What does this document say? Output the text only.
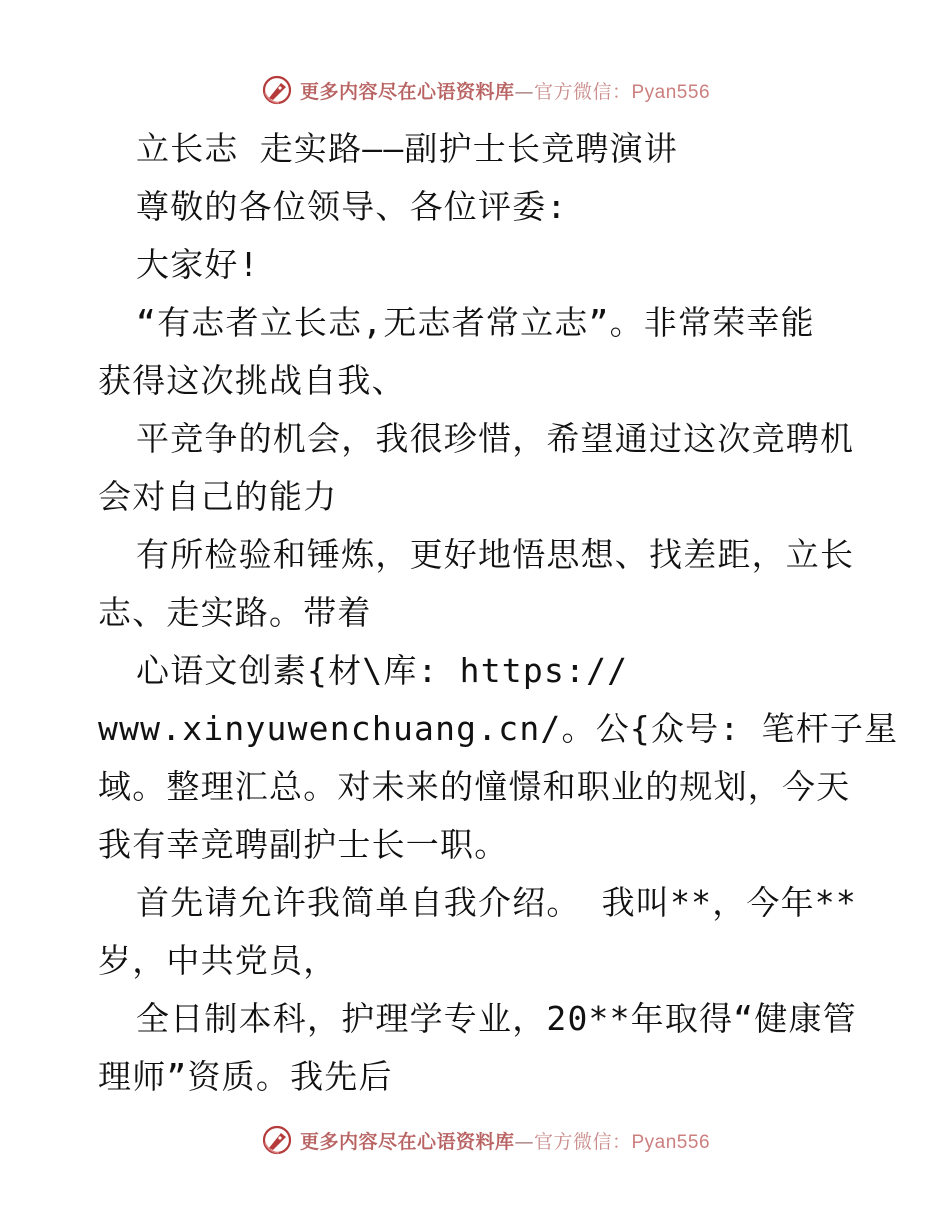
更多内容尽在心语资料库—官方微信：Pyan556
立长志 走实路——副护士长竞聘演讲
尊敬的各位领导、各位评委:
大家好!
“有志者立长志,无志者常立志”。非常荣幸能
获得这次挑战自我、
平竞争的机会，我很珍惜，希望通过这次竞聘机
会对自己的能力
有所检验和锤炼，更好地悟思想、找差距，立长
志、走实路。带着
心语文创素{材\库: https://
www.xinyuwenchuang.cn/。公{众号: 笔杆子星
域。整理汇总。对未来的憧憬和职业的规划，今天
我有幸竞聘副护士长一职。
首先请允许我简单自我介绍。 我叫**，今年**
岁，中共党员，
全日制本科，护理学专业，20**年取得“健康管
理师”资质。我先后
更多内容尽在心语资料库—官方微信：Pyan556
